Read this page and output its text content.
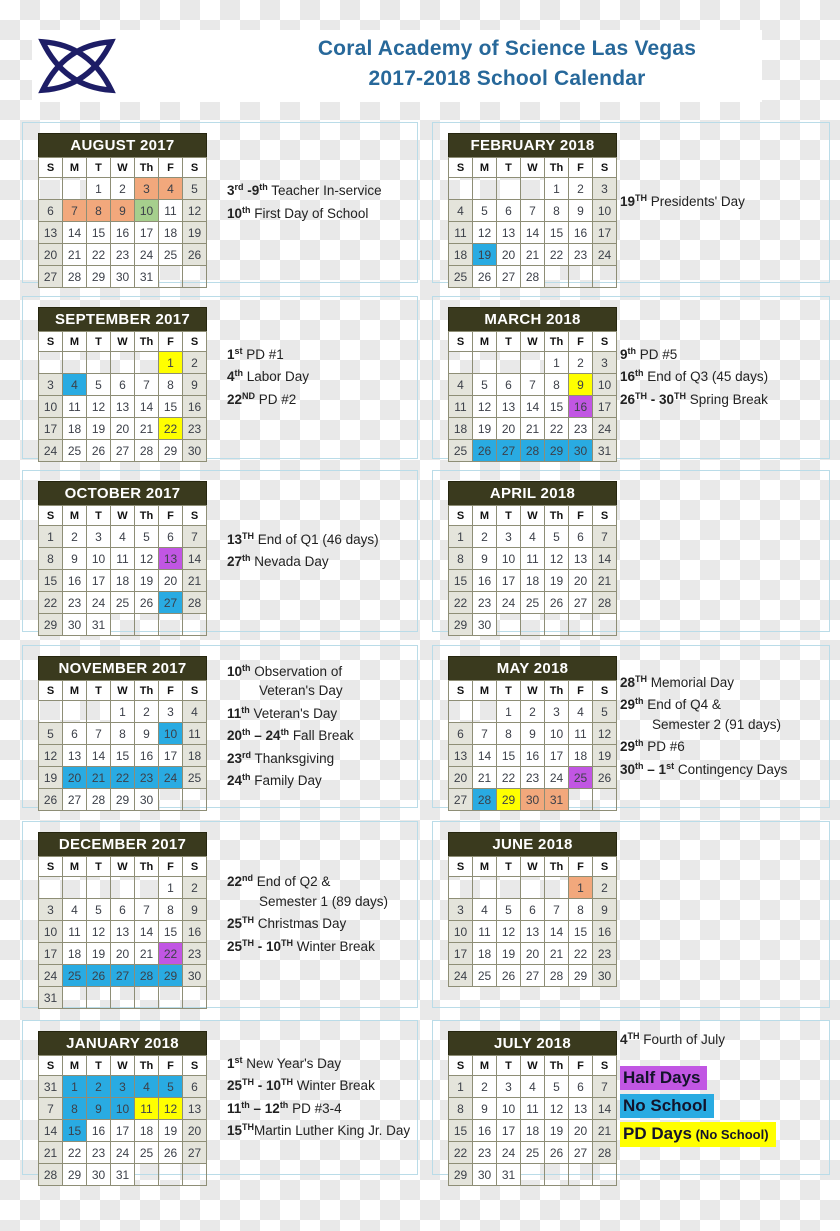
Coral Academy of Science Las Vegas
2017-2018 School Calendar
AUGUST 2017
S	M	T	W	Th	F	S
		1	2	3	4	5
6	7	8	9	10	11	12
13	14	15	16	17	18	19
20	21	22	23	24	25	26
27	28	29	30	31		
3rd -9th Teacher In-service
10th First Day of School
FEBRUARY 2018
S	M	T	W	Th	F	S
				1	2	3
4	5	6	7	8	9	10
11	12	13	14	15	16	17
18	19	20	21	22	23	24
25	26	27	28			
19TH Presidents' Day
SEPTEMBER 2017
S	M	T	W	Th	F	S
					1	2
3	4	5	6	7	8	9
10	11	12	13	14	15	16
17	18	19	20	21	22	23
24	25	26	27	28	29	30
1st PD #1
4th Labor Day
22ND PD #2
MARCH 2018
S	M	T	W	Th	F	S
				1	2	3
4	5	6	7	8	9	10
11	12	13	14	15	16	17
18	19	20	21	22	23	24
25	26	27	28	29	30	31
9th PD #5
16th End of Q3 (45 days)
26TH - 30TH Spring Break
OCTOBER 2017
S	M	T	W	Th	F	S
1	2	3	4	5	6	7
8	9	10	11	12	13	14
15	16	17	18	19	20	21
22	23	24	25	26	27	28
29	30	31				
13TH End of Q1 (46 days)
27th Nevada Day
APRIL 2018
S	M	T	W	Th	F	S
1	2	3	4	5	6	7
8	9	10	11	12	13	14
15	16	17	18	19	20	21
22	23	24	25	26	27	28
29	30					
NOVEMBER 2017
S	M	T	W	Th	F	S
			1	2	3	4
5	6	7	8	9	10	11
12	13	14	15	16	17	18
19	20	21	22	23	24	25
26	27	28	29	30		
10th Observation of
Veteran's Day
11th Veteran's Day
20th – 24th Fall Break
23rd Thanksgiving
24th Family Day
MAY 2018
S	M	T	W	Th	F	S
		1	2	3	4	5
6	7	8	9	10	11	12
13	14	15	16	17	18	19
20	21	22	23	24	25	26
27	28	29	30	31		
28TH Memorial Day
29th End of Q4 &
Semester 2 (91 days)
29th PD #6
30th – 1st Contingency Days
DECEMBER 2017
S	M	T	W	Th	F	S
					1	2
3	4	5	6	7	8	9
10	11	12	13	14	15	16
17	18	19	20	21	22	23
24	25	26	27	28	29	30
31						
22nd End of Q2 &
Semester 1 (89 days)
25TH Christmas Day
25TH - 10TH Winter Break
JUNE 2018
S	M	T	W	Th	F	S
					1	2
3	4	5	6	7	8	9
10	11	12	13	14	15	16
17	18	19	20	21	22	23
24	25	26	27	28	29	30
JANUARY 2018
S	M	T	W	Th	F	S
31	1	2	3	4	5	6
7	8	9	10	11	12	13
14	15	16	17	18	19	20
21	22	23	24	25	26	27
28	29	30	31			
1st New Year's Day
25TH - 10TH Winter Break
11th – 12th PD #3-4
15THMartin Luther King Jr. Day
JULY 2018
S	M	T	W	Th	F	S
1	2	3	4	5	6	7
8	9	10	11	12	13	14
15	16	17	18	19	20	21
22	23	24	25	26	27	28
29	30	31				
4TH Fourth of July
Half Days
No School
PD Days (No School)
